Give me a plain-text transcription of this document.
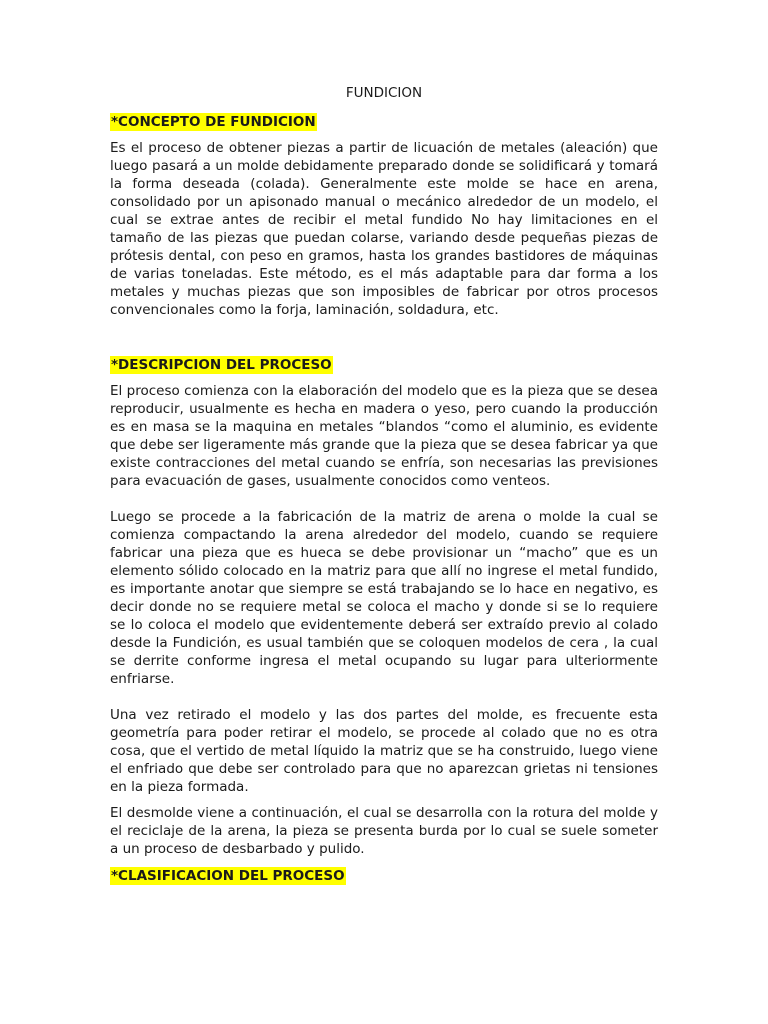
FUNDICION
*CONCEPTO DE FUNDICION

Es el proceso de obtener piezas a partir de licuación de metales (aleación) que luego pasará a un molde debidamente preparado donde se solidificará y tomará la forma deseada (colada). Generalmente este molde se hace en arena, consolidado por un apisonado manual o mecánico alrededor de un modelo, el cual se extrae antes de recibir el metal fundido No hay limitaciones en el tamaño de las piezas que puedan colarse, variando desde pequeñas piezas de prótesis dental, con peso en gramos, hasta los grandes bastidores de máquinas de varias toneladas. Este método, es el más adaptable para dar forma a los metales y muchas piezas que son imposibles de fabricar por otros procesos convencionales como la forja, laminación, soldadura, etc.

*DESCRIPCION DEL PROCESO

El proceso comienza con la elaboración del modelo que es la pieza que se desea reproducir, usualmente es hecha en madera o yeso, pero cuando la producción es en masa se la maquina en metales “blandos “como el aluminio, es evidente que debe ser ligeramente más grande que la pieza que se desea fabricar ya que existe contracciones del metal cuando se enfría, son necesarias las previsiones para evacuación de gases, usualmente conocidos como venteos.

Luego se procede a la fabricación de la matriz de arena o molde la cual se comienza compactando la arena alrededor del modelo, cuando se requiere fabricar una pieza que es hueca se debe provisionar un “macho” que es un elemento sólido colocado en la matriz para que allí no ingrese el metal fundido, es importante anotar que siempre se está trabajando se lo hace en negativo, es decir donde no se requiere metal se coloca el macho y donde si se lo requiere se lo coloca el modelo que evidentemente deberá ser extraído previo al colado desde la Fundición, es usual también que se coloquen modelos de cera , la cual se derrite conforme ingresa el metal ocupando su lugar para ulteriormente enfriarse.

Una vez retirado el modelo y las dos partes del molde, es frecuente esta geometría para poder retirar el modelo, se procede al colado que no es otra cosa, que el vertido de metal líquido la matriz que se ha construido, luego viene el enfriado que debe ser controlado para que no aparezcan grietas ni tensiones en la pieza formada.

El desmolde viene a continuación, el cual se desarrolla con la rotura del molde y el reciclaje de la arena, la pieza se presenta burda por lo cual se suele someter a un proceso de desbarbado y pulido.

*CLASIFICACION DEL PROCESO
